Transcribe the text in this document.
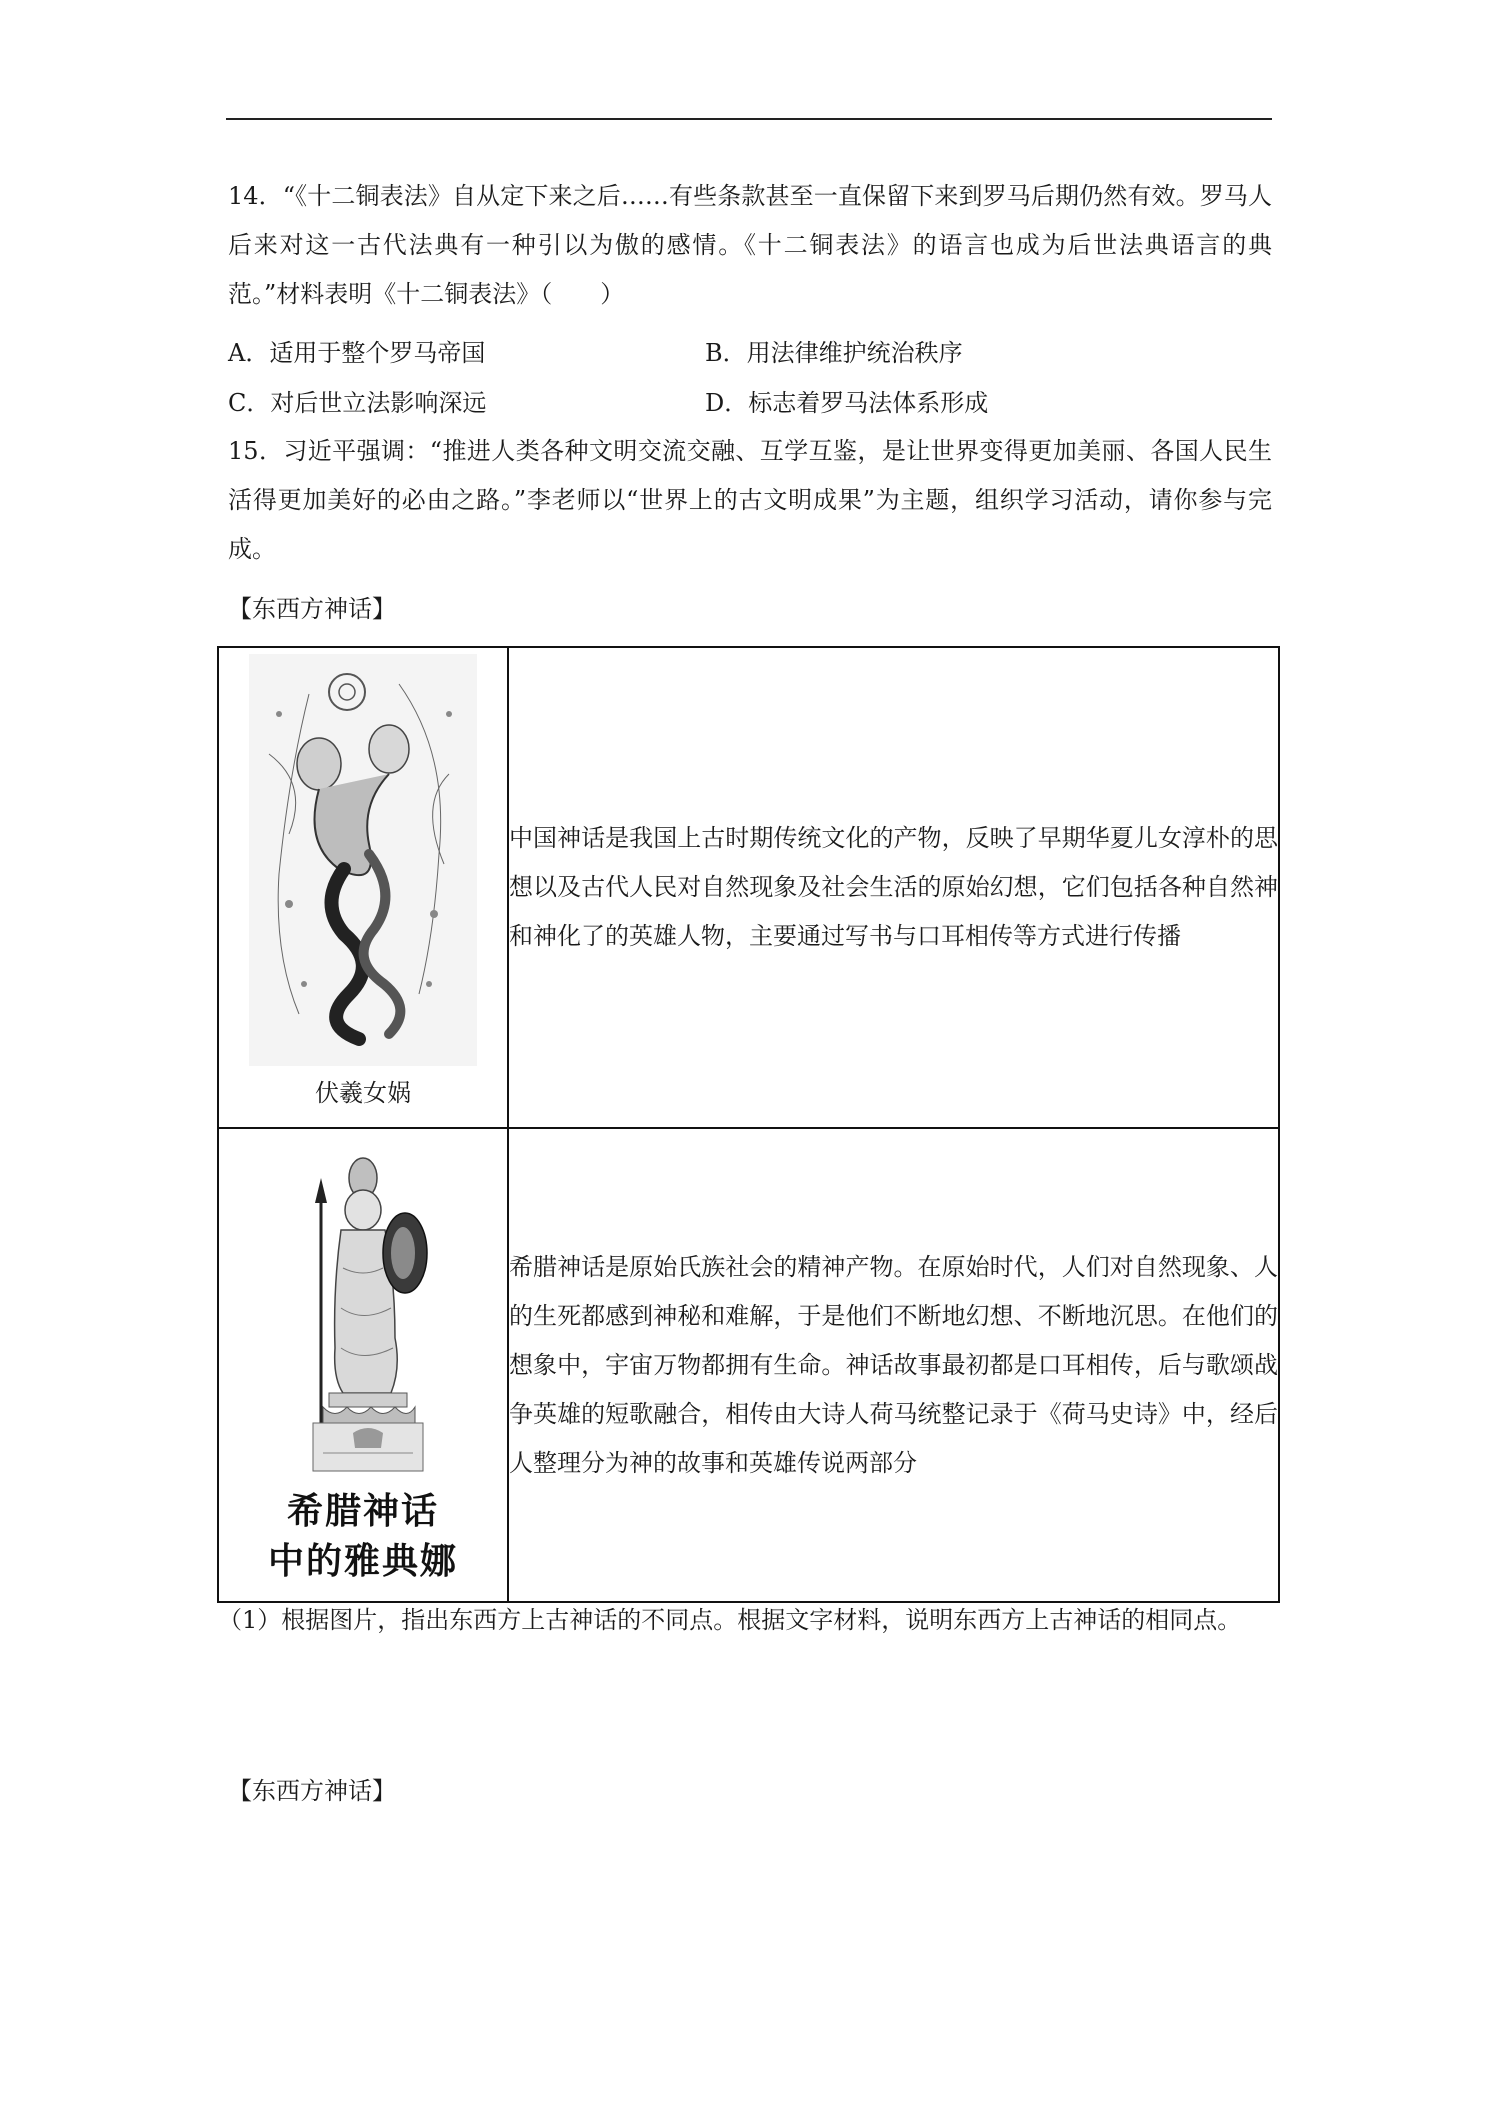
14．“《十二铜表法》自从定下来之后……有些条款甚至一直保留下来到罗马后期仍然有效。罗马人后来对这一古代法典有一种引以为傲的感情。《十二铜表法》的语言也成为后世法典语言的典范。”材料表明《十二铜表法》（　　）
A．适用于整个罗马帝国	B．用法律维护统治秩序
C．对后世立法影响深远	D．标志着罗马法体系形成
15．习近平强调：“推进人类各种文明交流交融、互学互鉴，是让世界变得更加美丽、各国人民生活得更加美好的必由之路。”李老师以“世界上的古文明成果”为主题，组织学习活动，请你参与完成。
【东西方神话】
伏羲女娲	中国神话是我国上古时期传统文化的产物，反映了早期华夏儿女淳朴的思想以及古代人民对自然现象及社会生活的原始幻想，它们包括各种自然神和神化了的英雄人物，主要通过写书与口耳相传等方式进行传播

希腊神话
中的雅典娜	希腊神话是原始氏族社会的精神产物。在原始时代，人们对自然现象、人的生死都感到神秘和难解，于是他们不断地幻想、不断地沉思。在他们的想象中，宇宙万物都拥有生命。神话故事最初都是口耳相传，后与歌颂战争英雄的短歌融合，相传由大诗人荷马统整记录于《荷马史诗》中，经后人整理分为神的故事和英雄传说两部分
（1）根据图片，指出东西方上古神话的不同点。根据文字材料，说明东西方上古神话的相同点。
【东西方神话】
